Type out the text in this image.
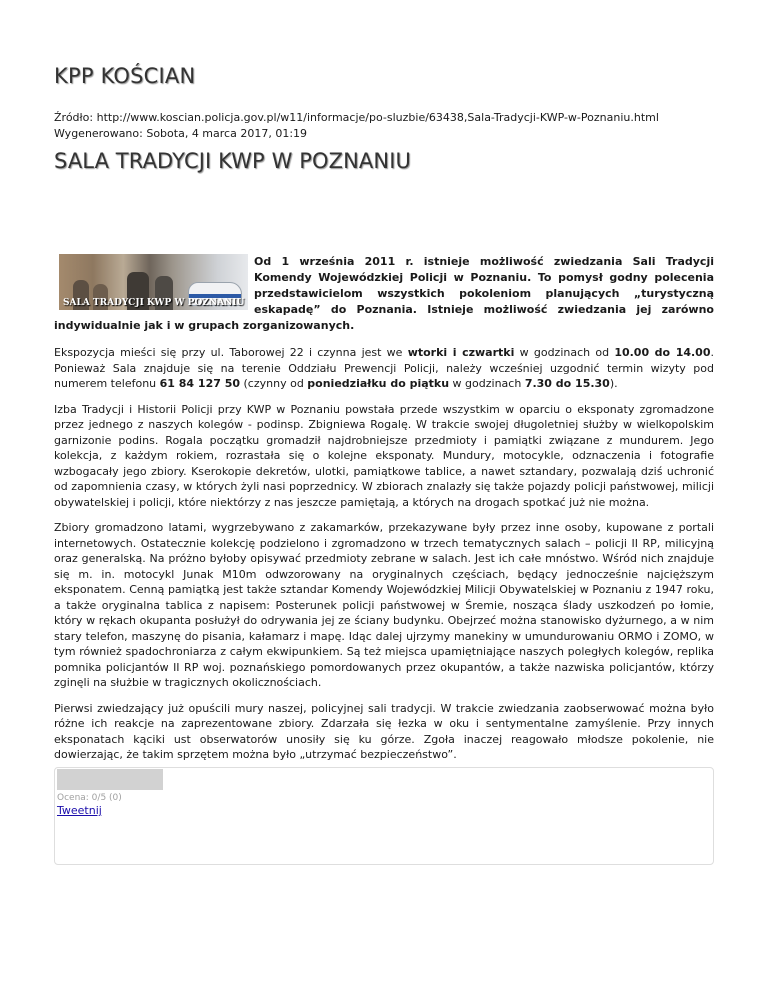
KPP KOŚCIAN
Źródło: http://www.koscian.policja.gov.pl/w11/informacje/po-sluzbie/63438,Sala-Tradycji-KWP-w-Poznaniu.html
Wygenerowano: Sobota, 4 marca 2017, 01:19
SALA TRADYCJI KWP W POZNANIU
SALA TRADYCJI KWP W POZNANIU
Od 1 września 2011 r. istnieje możliwość zwiedzania Sali Tradycji Komendy Wojewódzkiej Policji w Poznaniu. To pomysł godny polecenia przedstawicielom wszystkich pokoleniom planujących „turystyczną eskapadę” do Poznania. Istnieje możliwość zwiedzania jej zarówno indywidualnie jak i w grupach zorganizowanych.

Ekspozycja mieści się przy ul. Taborowej 22 i czynna jest we wtorki i czwartki w godzinach od 10.00 do 14.00. Ponieważ Sala znajduje się na terenie Oddziału Prewencji Policji, należy wcześniej uzgodnić termin wizyty pod numerem telefonu 61 84 127 50 (czynny od poniedziałku do piątku w godzinach 7.30 do 15.30).

Izba Tradycji i Historii Policji przy KWP w Poznaniu powstała przede wszystkim w oparciu o eksponaty zgromadzone przez jednego z naszych kolegów - podinsp. Zbigniewa Rogalę. W trakcie swojej długoletniej służby w wielkopolskim garnizonie podins. Rogala początku gromadził najdrobniejsze przedmioty i pamiątki związane z mundurem. Jego kolekcja, z każdym rokiem, rozrastała się o kolejne eksponaty. Mundury, motocykle, odznaczenia i fotografie wzbogacały jego zbiory. Kserokopie dekretów, ulotki, pamiątkowe tablice, a nawet sztandary, pozwalają dziś uchronić od zapomnienia czasy, w których żyli nasi poprzednicy. W zbiorach znalazły się także pojazdy policji państwowej, milicji obywatelskiej i policji, które niektórzy z nas jeszcze pamiętają, a których na drogach spotkać już nie można.

Zbiory gromadzono latami, wygrzebywano z zakamarków, przekazywane były przez inne osoby, kupowane z portali internetowych. Ostatecznie kolekcję podzielono i zgromadzono w trzech tematycznych salach – policji II RP, milicyjną oraz generalską. Na próżno byłoby opisywać przedmioty zebrane w salach. Jest ich całe mnóstwo. Wśród nich znajduje się m. in. motocykl Junak M10m odwzorowany na oryginalnych częściach, będący jednocześnie najcięższym eksponatem. Cenną pamiątką jest także sztandar Komendy Wojewódzkiej Milicji Obywatelskiej w Poznaniu z 1947 roku, a także oryginalna tablica z napisem: Posterunek policji państwowej w Śremie, nosząca ślady uszkodzeń po łomie, który w rękach okupanta posłużył do odrywania jej ze ściany budynku. Obejrzeć można stanowisko dyżurnego, a w nim stary telefon, maszynę do pisania, kałamarz i mapę. Idąc dalej ujrzymy manekiny w umundurowaniu ORMO i ZOMO, w tym również spadochroniarza z całym ekwipunkiem. Są też miejsca upamiętniające naszych poległych kolegów, replika pomnika policjantów II RP woj. poznańskiego pomordowanych przez okupantów, a także nazwiska policjantów, którzy zginęli na służbie w tragicznych okolicznościach.

Pierwsi zwiedzający już opuścili mury naszej, policyjnej sali tradycji. W trakcie zwiedzania zaobserwować można było różne ich reakcje na zaprezentowane zbiory. Zdarzała się łezka w oku i sentymentalne zamyślenie. Przy innych eksponatach kąciki ust obserwatorów unosiły się ku górze. Zgoła inaczej reagowało młodsze pokolenie, nie dowierzając, że takim sprzętem można było „utrzymać bezpieczeństwo”.

Ocena: 0/5 (0)
Tweetnij
